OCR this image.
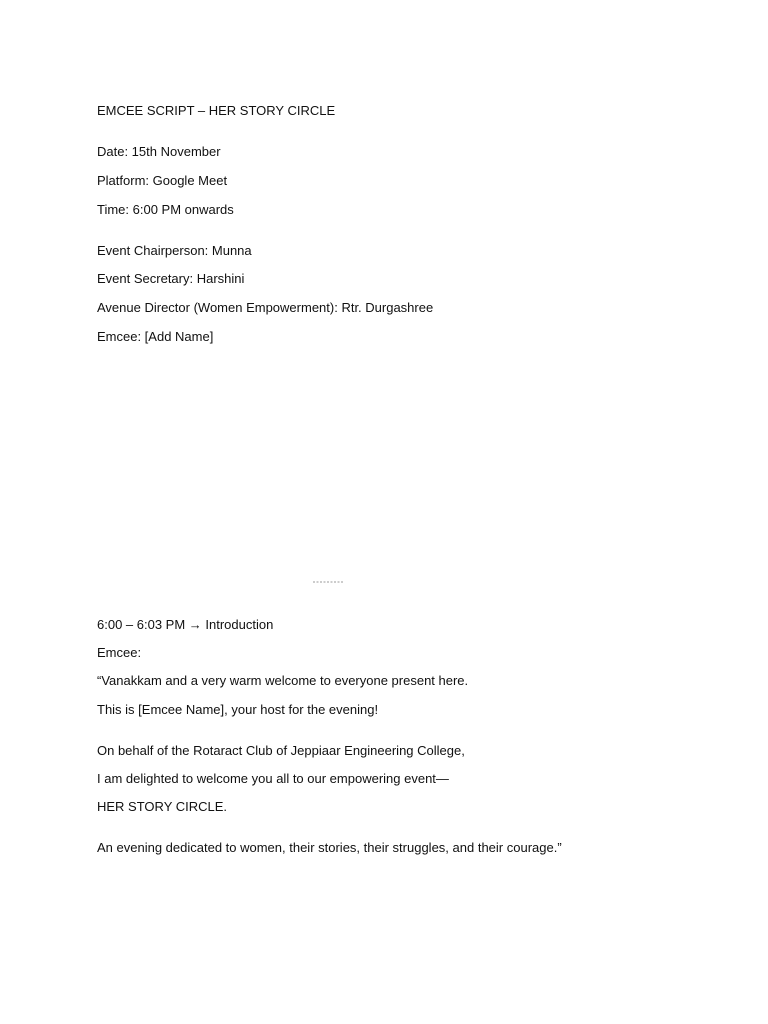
EMCEE SCRIPT – HER STORY CIRCLE
Date: 15th November
Platform: Google Meet
Time: 6:00 PM onwards
Event Chairperson: Munna
Event Secretary: Harshini
Avenue Director (Women Empowerment): Rtr. Durgashree
Emcee: [Add Name]
6:00 – 6:03 PM → Introduction
Emcee:
“Vanakkam and a very warm welcome to everyone present here.
This is [Emcee Name], your host for the evening!
On behalf of the Rotaract Club of Jeppiaar Engineering College,
I am delighted to welcome you all to our empowering event—
HER STORY CIRCLE.
An evening dedicated to women, their stories, their struggles, and their courage.”
